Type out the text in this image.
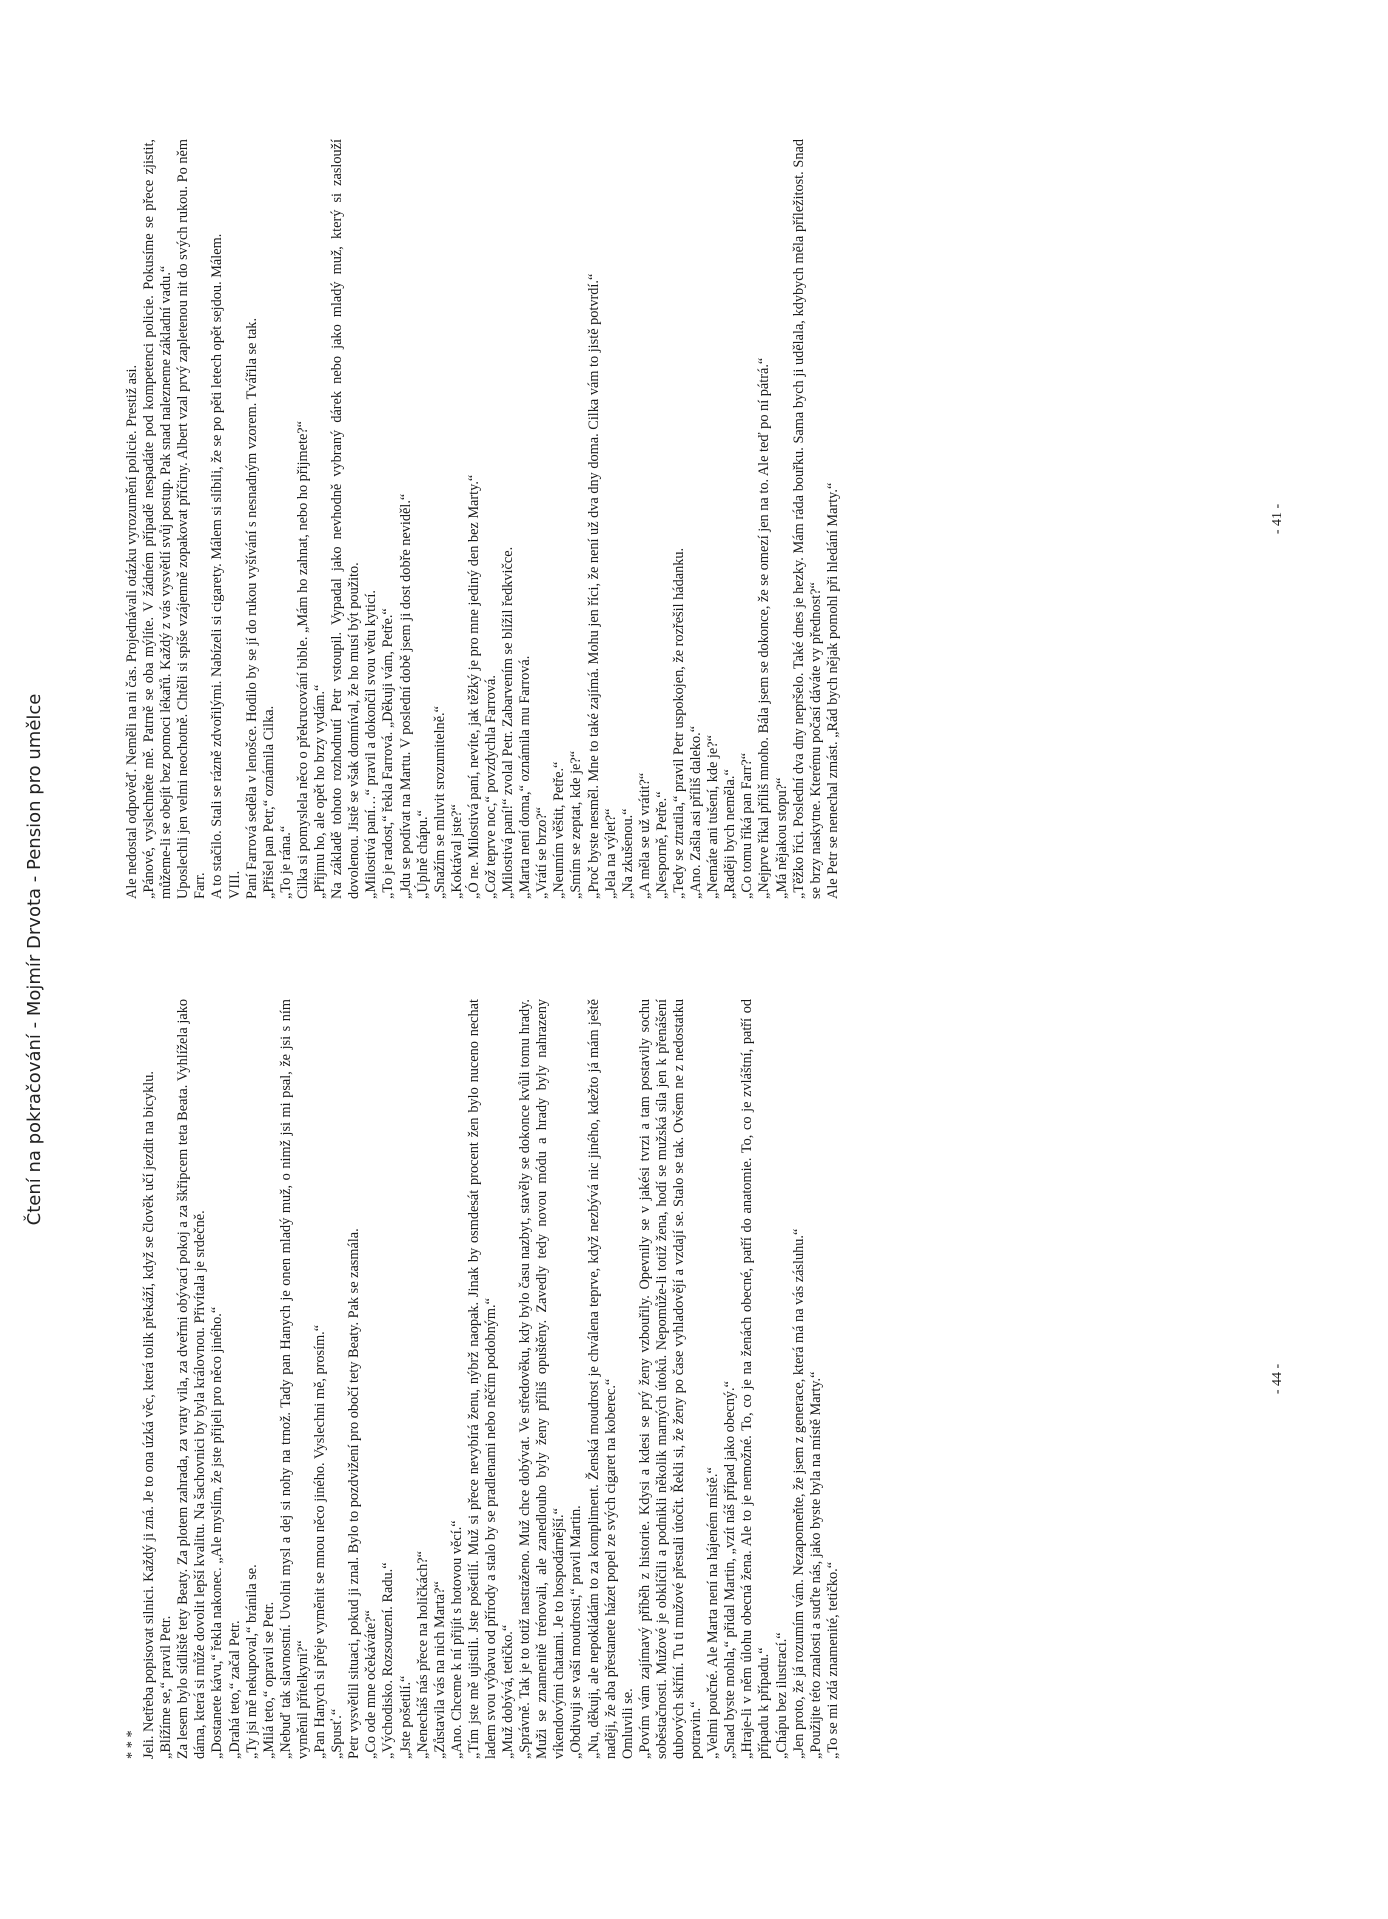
Čtení na pokračování - Mojmír Drvota - Pension pro umělce

* * * Jeli. Netřeba popisovat silnici. Každý ji zná. Je to ona úzká věc, která tolik překáží, když se člověk učí jezdit na bicyklu. „Blížíme se,“ pravil Petr. Za lesem bylo sídliště tety Beaty. Za plotem zahrada, za vraty vila, za dveřmi obývací pokoj a za škřipcem teta Beata. Vyhlížela jako dáma, která si může dovolit lepší kvalitu. Na šachovnici by byla královnou. Přivítala je srdečně. „Dostanete kávu,“ řekla nakonec. „Ale myslím, že jste přijeli pro něco jiného.“ „Drahá teto,“ začal Petr. „Ty jsi mě nekupoval,“ bránila se. „Milá teto,“ opravil se Petr. „Nebuď tak slavnostní. Uvolni mysl a dej si nohy na trnož. Tady pan Hanych je onen mladý muž, o nimž jsi mi psal, že jsi s ním vyměnil přítelkyni?“ „Pan Hanych si přeje vyměnit se mnou něco jiného. Vyslechni mě, prosím.“ „Spusť.“ Petr vysvětlil situaci, pokud ji znal. Bylo to pozdvižení pro obočí tety Beaty. Pak se zasmála. „Co ode mne očekáváte?“ „Východisko. Rozsouzení. Radu.“ „Jste pošetilí.“ „Nenecháš nás přece na holičkách?“ „Zůstavila vás na nich Marta?“ „Ano. Chceme k ní přijít s hotovou věcí.“ „Tím jste mě ujistili. Jste pošetilí. Muž si přece nevybírá ženu, nýbrž naopak. Jinak by osmdesát procent žen bylo nuceno nechat ladem svou výbavu od přírody a stalo by se pradlenami nebo něčím podobným.“ „Muž dobývá, tetičko.“ „Správně. Tak je to totiž nastraženo. Muž chce dobývat. Ve středověku, kdy bylo času nazbyt, stavěly se dokonce kvůli tomu hrady. Muži se znamenitě trénovali, ale zanedlouho byly ženy příliš opuštěny. Zavedly tedy novou módu a hrady byly nahrazeny víkendovými chatami. Je to hospodárnější.“ „Obdivuji se vaší moudrosti,“ pravil Martin. „Nu, děkuji, ale nepokládám to za kompliment. Ženská moudrost je chválena teprve, když nezbývá nic jiného, kdežto já mám ještě naději, že aba přestanete házet popel ze svých cigaret na koberec.“ Omluvili se. „Povím vám zajímavý příběh z historie. Kdysi a kdesi se prý ženy vzbouřily. Opevnily se v jakési tvrzi a tam postavily sochu soběstačnosti. Mužové je obklíčili a podnikli několik marných útoků. Nepomůže-li totiž žena, hodí se mužská síla jen k přenášení dubových skříní. Tu ti mužové přestali útočit. Řekli si, že ženy po čase vyhladovějí a vzdají se. Stalo se tak. Ovšem ne z nedostatku potravin.“ „Velmi poučné. Ale Marta není na hájeném místě.“ „Snad byste mohla,“ přidal Martin, „vzít náš případ jako obecný.“ „Hraje-li v něm úlohu obecná žena. Ale to je nemožné. To, co je na ženách obecné, patří do anatomie. To, co je zvláštní, patří od případu k případu.“ „Chápu bez ilustrací.“ „Jen proto, že já rozumím vám. Nezapomeňte, že jsem z generace, která má na vás zásluhu.“ „Použijte této znalosti a suďte nás, jako byste byla na místě Marty.“ „To se mi zdá znamenité, tetičko.“

Ale nedostal odpověď. Neměli na ni čas. Projednávali otázku vyrozumění policie. Prestiž asi. „Pánové, vyslechněte mě. Patrně se oba mýlíte. V žádném případě nespadáte pod kompetenci policie. Pokusíme se přece zjistit, můžeme-li se obejít bez pomoci lékařů. Každý z vás vysvětlí svůj postup. Pak snad nalezneme základní vadu.“ Uposlechli jen velmi neochotně. Chtěli si spíše vzájemně zopakovat příčiny. Albert vzal prvý zapletenou nit do svých rukou. Po něm Farr. A to stačilo. Stali se rázně zdvořilými. Nabízeli si cigarety. Málem si slíbili, že se po pěti letech opět sejdou. Málem. VIII. Paní Farrová seděla v lenošce. Hodilo by se jí do rukou vyšívání s nesnadným vzorem. Tvářila se tak. „Přišel pan Petr,“ oznámila Cilka. „To je rána.“ Cilka si pomyslela něco o překrucování bible. „Mám ho zahnat, nebo ho přijmete?“ „Přijmu ho, ale opět ho brzy vydám.“ Na základě tohoto rozhodnutí Petr vstoupil. Vypadal jako nevhodně vybraný dárek nebo jako mladý muž, který si zaslouží dovolenou. Jistě se však domníval, že ho musí být použito. „Milostivá paní…“ pravil a dokončil svou větu kyticí. „To je radost,“ řekla Farrová. „Děkuji vám, Petře.“ „Jdu se podívat na Martu. V poslední době jsem ji dost dobře neviděl.“ „Úplně chápu.“ „Snažím se mluvit srozumitelně.“ „Koktával jste?“ „Ó ne. Milostivá paní, nevíte, jak těžký je pro mne jediný den bez Marty.“ „Což teprve noc,“ povzdychla Farrová. „Milostivá paní!“ zvolal Petr. Zabarvením se blížil ředkvičce. „Marta není doma,“ oznámila mu Farrová. „Vrátí se brzo?“ „Neumím věštit, Petře.“ „Smím se zeptat, kde je?“ „Proč byste nesměl. Mne to také zajímá. Mohu jen říci, že není už dva dny doma. Cilka vám to jistě potvrdí.“ „Jela na výlet?“ „Na zkušenou.“ „A měla se už vrátit?“ „Nesporně, Petře.“ „Tedy se ztratila,“ pravil Petr uspokojen, že rozřešil hádanku. „Ano. Zašla asi příliš daleko.“ „Nemáte ani tušení, kde je?“ „Raději bych neměla.“ „Co tomu říká pan Farr?“ „Nejprve říkal příliš mnoho. Bála jsem se dokonce, že se omezí jen na to. Ale teď po ní pátrá.“ „Má nějakou stopu?“ „Těžko říci. Poslední dva dny nepršelo. Také dnes je hezky. Mám ráda bouřku. Sama bych ji udělala, kdybych měla příležitost. Snad se brzy naskytne. Kterému počasí dáváte vy přednost?“ Ale Petr se nenechal zmást. „Rád bych nějak pomohl při hledání Marty.“

- 44 -
- 41 -
